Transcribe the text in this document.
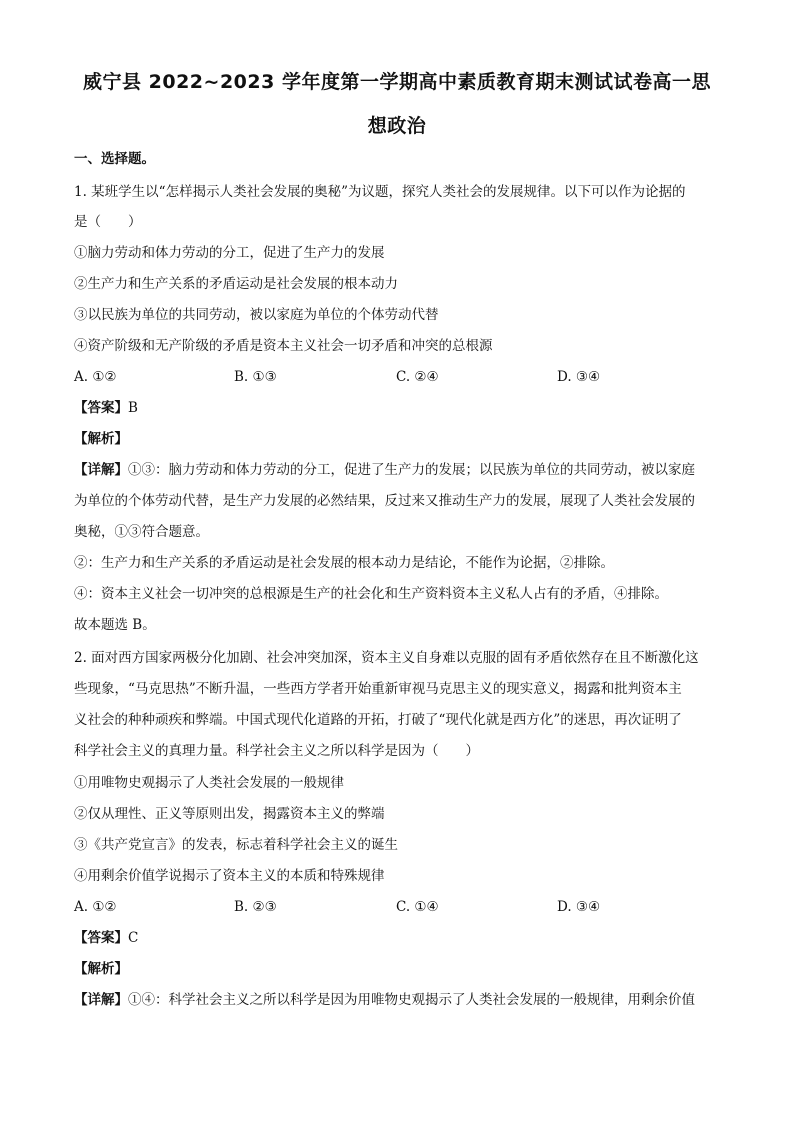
威宁县 2022~2023 学年度第一学期高中素质教育期末测试试卷高一思
想政治
一、选择题。
1. 某班学生以“怎样揭示人类社会发展的奥秘”为议题，探究人类社会的发展规律。以下可以作为论据的
是（　　）
①脑力劳动和体力劳动的分工，促进了生产力的发展
②生产力和生产关系的矛盾运动是社会发展的根本动力
③以民族为单位的共同劳动，被以家庭为单位的个体劳动代替
④资产阶级和无产阶级的矛盾是资本主义社会一切矛盾和冲突的总根源
A. ①②	B. ①③	C. ②④	D. ③④
【答案】B
【解析】
【详解】①③：脑力劳动和体力劳动的分工，促进了生产力的发展；以民族为单位的共同劳动，被以家庭
为单位的个体劳动代替，是生产力发展的必然结果，反过来又推动生产力的发展，展现了人类社会发展的
奥秘，①③符合题意。
②：生产力和生产关系的矛盾运动是社会发展的根本动力是结论，不能作为论据，②排除。
④：资本主义社会一切冲突的总根源是生产的社会化和生产资料资本主义私人占有的矛盾，④排除。
故本题选 B。
2. 面对西方国家两极分化加剧、社会冲突加深，资本主义自身难以克服的固有矛盾依然存在且不断激化这
些现象，“马克思热”不断升温，一些西方学者开始重新审视马克思主义的现实意义，揭露和批判资本主
义社会的种种顽疾和弊端。中国式现代化道路的开拓，打破了“现代化就是西方化”的迷思，再次证明了
科学社会主义的真理力量。科学社会主义之所以科学是因为（　　）
①用唯物史观揭示了人类社会发展的一般规律
②仅从理性、正义等原则出发，揭露资本主义的弊端
③《共产党宣言》的发表，标志着科学社会主义的诞生
④用剩余价值学说揭示了资本主义的本质和特殊规律
A. ①②	B. ②③	C. ①④	D. ③④
【答案】C
【解析】
【详解】①④：科学社会主义之所以科学是因为用唯物史观揭示了人类社会发展的一般规律，用剩余价值
